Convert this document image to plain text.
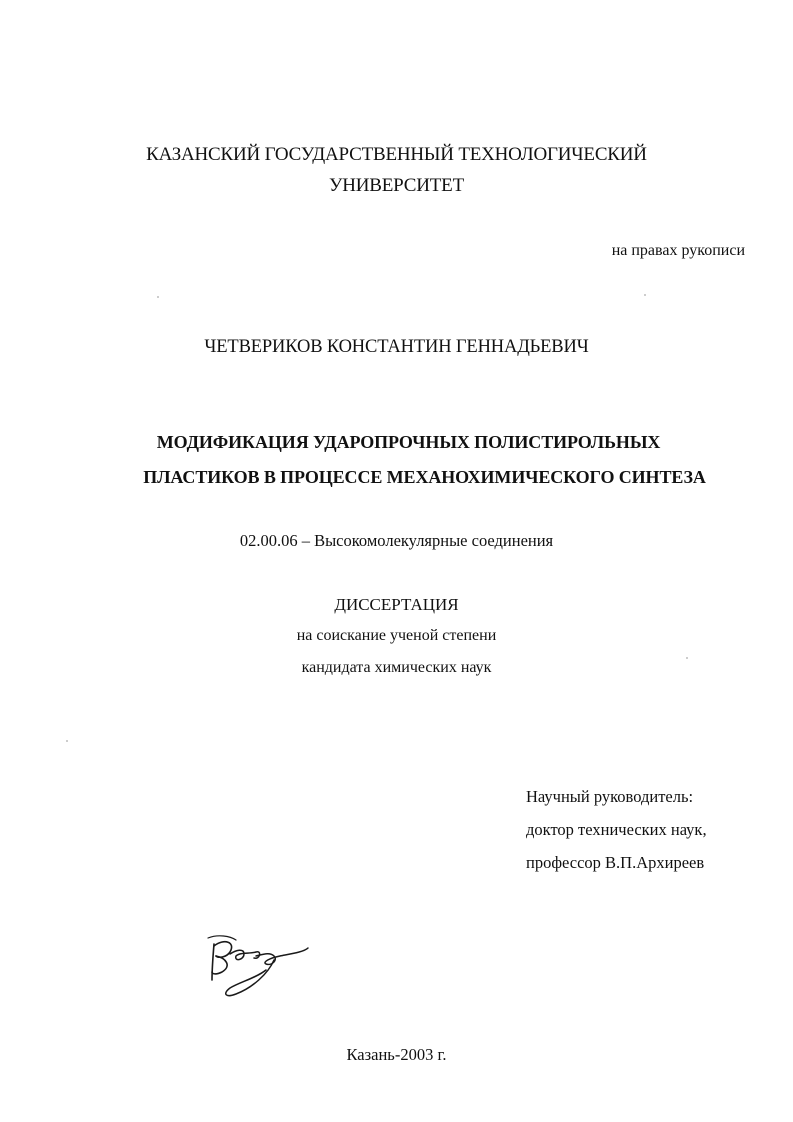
КАЗАНСКИЙ ГОСУДАРСТВЕННЫЙ ТЕХНОЛОГИЧЕСКИЙ
УНИВЕРСИТЕТ
на правах рукописи
ЧЕТВЕРИКОВ КОНСТАНТИН ГЕННАДЬЕВИЧ
МОДИФИКАЦИЯ УДАРОПРОЧНЫХ ПОЛИСТИРОЛЬНЫХ
ПЛАСТИКОВ В ПРОЦЕССЕ МЕХАНОХИМИЧЕСКОГО СИНТЕЗА
02.00.06 – Высокомолекулярные соединения
ДИССЕРТАЦИЯ
на соискание ученой степени
кандидата химических наук
Научный руководитель:
доктор технических наук,
профессор В.П.Архиреев
Казань-2003 г.
